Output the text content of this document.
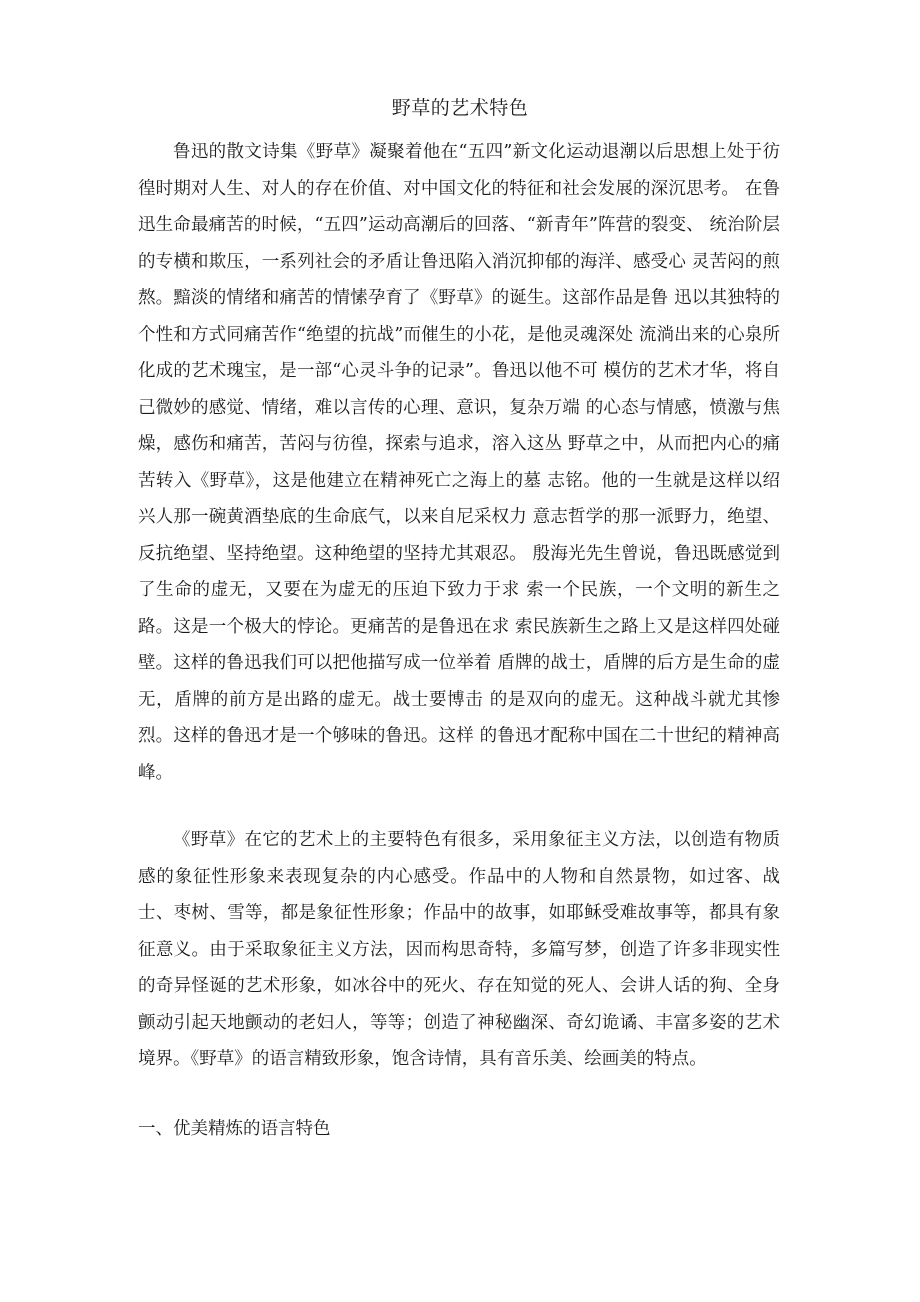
野草的艺术特色

鲁迅的散文诗集《野草》凝聚着他在“五四”新文化运动退潮以后思想上处于彷徨时期对人生、对人的存在价值、对中国文化的特征和社会发展的深沉思考。 在鲁迅生命最痛苦的时候，“五四”运动高潮后的回落、“新青年”阵营的裂变、 统治阶层的专横和欺压，一系列社会的矛盾让鲁迅陷入消沉抑郁的海洋、感受心 灵苦闷的煎熬。黯淡的情绪和痛苦的情愫孕育了《野草》的诞生。这部作品是鲁 迅以其独特的个性和方式同痛苦作“绝望的抗战”而催生的小花，是他灵魂深处 流淌出来的心泉所化成的艺术瑰宝，是一部“心灵斗争的记录”。鲁迅以他不可 模仿的艺术才华，将自己微妙的感觉、情绪，难以言传的心理、意识，复杂万端 的心态与情感，愤激与焦燥，感伤和痛苦，苦闷与彷徨，探索与追求，溶入这丛 野草之中，从而把内心的痛苦转入《野草》，这是他建立在精神死亡之海上的墓 志铭。他的一生就是这样以绍兴人那一碗黄酒垫底的生命底气，以来自尼采权力 意志哲学的那一派野力，绝望、反抗绝望、坚持绝望。这种绝望的坚持尤其艰忍。 殷海光先生曾说，鲁迅既感觉到了生命的虚无，又要在为虚无的压迫下致力于求 索一个民族，一个文明的新生之路。这是一个极大的悖论。更痛苦的是鲁迅在求 索民族新生之路上又是这样四处碰壁。这样的鲁迅我们可以把他描写成一位举着 盾牌的战士，盾牌的后方是生命的虚无，盾牌的前方是出路的虚无。战士要博击 的是双向的虚无。这种战斗就尤其惨烈。这样的鲁迅才是一个够味的鲁迅。这样 的鲁迅才配称中国在二十世纪的精神高峰。

《野草》在它的艺术上的主要特色有很多，采用象征主义方法，以创造有物质感的象征性形象来表现复杂的内心感受。作品中的人物和自然景物，如过客、战士、枣树、雪等，都是象征性形象；作品中的故事，如耶稣受难故事等，都具有象征意义。由于采取象征主义方法，因而构思奇特，多篇写梦，创造了许多非现实性的奇异怪诞的艺术形象，如冰谷中的死火、存在知觉的死人、会讲人话的狗、全身颤动引起天地颤动的老妇人，等等；创造了神秘幽深、奇幻诡谲、丰富多姿的艺术境界。《野草》的语言精致形象，饱含诗情，具有音乐美、绘画美的特点。

一、优美精炼的语言特色
